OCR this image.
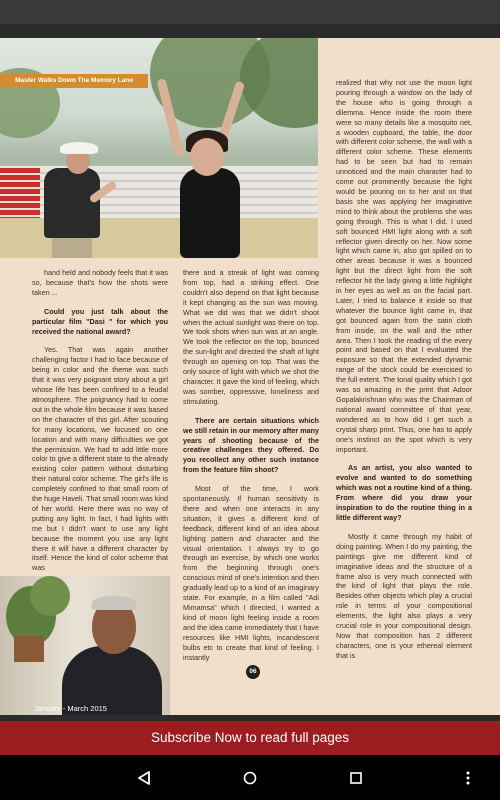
Master Walks Down The Memory Lane

hand held and nobody feels that it was so, because that's how the shots were taken ...

Could you just talk about the particular film "Dasi " for which you received the national award?

Yes. That was again another challenging factor I had to face because of being in color and the theme was such that it was very poignant story about a girl whose life has been confined to a feudal atmosphere. The poignancy had to come out in the whole film because it was based on the character of this girl. After scouting for many locations, we focused on one location and with many difficulties we got the permission. We had to add little more color to give a different state to the already existing color pattern without disturbing their natural color scheme. The girl's life is completely confined to that small room of the huge Haveli. That small room was kind of her world. Here there was no way of putting any light. In fact, I had lights with me but I didn't want to use any light because the moment you use any light there it will have a different character by itself. Hence the kind of color scheme that was

there and a streak of light was coming from top, had a striking effect. One couldn't also depend on that light because it kept changing as the sun was moving. What we did was that we didn't shoot when the actual sunlight was there on top. We took shots when sun was at an angle. We took the reflector on the top, bounced the sun-light and directed the shaft of light through an opening on top. That was the only source of light with which we shot the character. It gave the kind of feeling, which was somber, oppressive, loneliness and stimulating.

There are certain situations which we still retain in our memory after many years of shooting because of the creative challenges they offered. Do you recollect any other such instance from the feature film shoot?

Most of the time, I work spontaneously. If human sensitivity is there and when one interacts in any situation, it gives a different kind of feedback, different kind of an idea about lighting pattern and character and the visual orientation. I always try to go through an exercise, by which one works from the beginning through one's conscious mind of one's intention and then gradually lead up to a kind of an imaginary state. For example, in a film called "Adi Mimamsa" which I directed, I wanted a kind of moon light feeling inside a room and the idea came immediately that I have resources like HMI lights, incandescent bulbs etc to create that kind of feeling. I instantly

realized that why not use the moon light pouring through a window on the lady of the house who is going through a dilemma. Hence inside the room there were so many details like a mosquito net, a wooden cupboard, the table, the door with different color scheme, the wall with a different color scheme. These elements had to be seen but had to remain unnoticed and the main character had to come out prominently because the light would be pouring on to her and on that basis she was applying her imaginative mind to think about the problems she was going through. This is what I did. I used soft bounced HMI light along with a soft reflector given directly on her. Now some light which came in, also got spilled on to other areas because it was a bounced light but the direct light from the soft reflector hit the lady giving a little highlight in her eyes as well as on the facial part. Later, I tried to balance it inside so that whatever the bounce light came in, that got bounced again from the satin cloth from inside, on the wall and the other area. Then I took the reading of the every point and based on that I evaluated the exposure so that the extended dynamic range of the stock could be exercised to the full extent. The tonal quality which I got was so amazing in the print that Adoor Gopalakrishnan who was the Chairman of national award committee of that year, wondered as to how did I get such a crystal sharp print. Thus, one has to apply one's instinct on the spot which is very important.

As an artist, you also wanted to evolve and wanted to do something which was not a routine kind of a thing. From where did you draw your inspiration to do the routine thing in a little different way?

Mostly it came through my habit of doing painting. When I do my painting, the paintings give me different kind of imaginative ideas and the structure of a frame also is very much connected with the kind of light that plays the role. Besides other objects which play a crucial role in terms of your compositional elements, the light also plays a very crucial role in your compositional design. Now that composition has 2 different characters, one is your ethereal element that is

January - March 2015
06
Subscribe Now to read full pages
